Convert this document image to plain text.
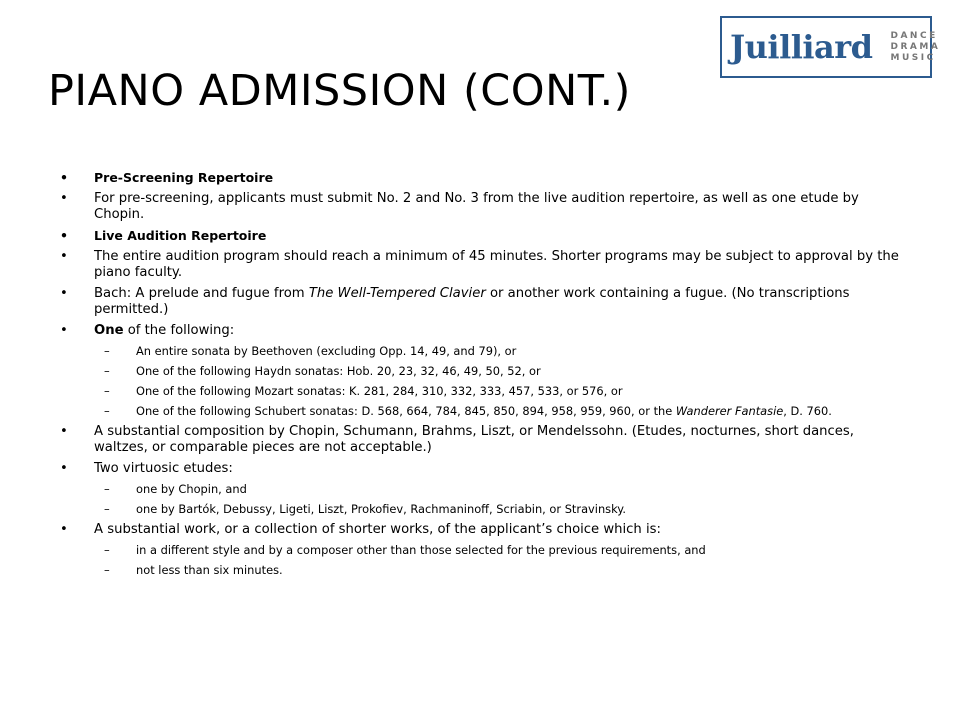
PIANO ADMISSION (CONT.)
Juilliard DANCE
DRAMA
MUSIC
• Pre-Screening Repertoire
• For pre-screening, applicants must submit No. 2 and No. 3 from the live audition repertoire, as well as one etude by Chopin.
• Live Audition Repertoire
• The entire audition program should reach a minimum of 45 minutes. Shorter programs may be subject to approval by the piano faculty.
• Bach: A prelude and fugue from The Well-Tempered Clavier or another work containing a fugue. (No transcriptions permitted.)
• One of the following:
– An entire sonata by Beethoven (excluding Opp. 14, 49, and 79), or
– One of the following Haydn sonatas: Hob. 20, 23, 32, 46, 49, 50, 52, or
– One of the following Mozart sonatas: K. 281, 284, 310, 332, 333, 457, 533, or 576, or
– One of the following Schubert sonatas: D. 568, 664, 784, 845, 850, 894, 958, 959, 960, or the Wanderer Fantasie, D. 760.
• A substantial composition by Chopin, Schumann, Brahms, Liszt, or Mendelssohn. (Etudes, nocturnes, short dances, waltzes, or comparable pieces are not acceptable.)
• Two virtuosic etudes:
– one by Chopin, and
– one by Bartók, Debussy, Ligeti, Liszt, Prokofiev, Rachmaninoff, Scriabin, or Stravinsky.
• A substantial work, or a collection of shorter works, of the applicant’s choice which is:
– in a different style and by a composer other than those selected for the previous requirements, and
– not less than six minutes.
